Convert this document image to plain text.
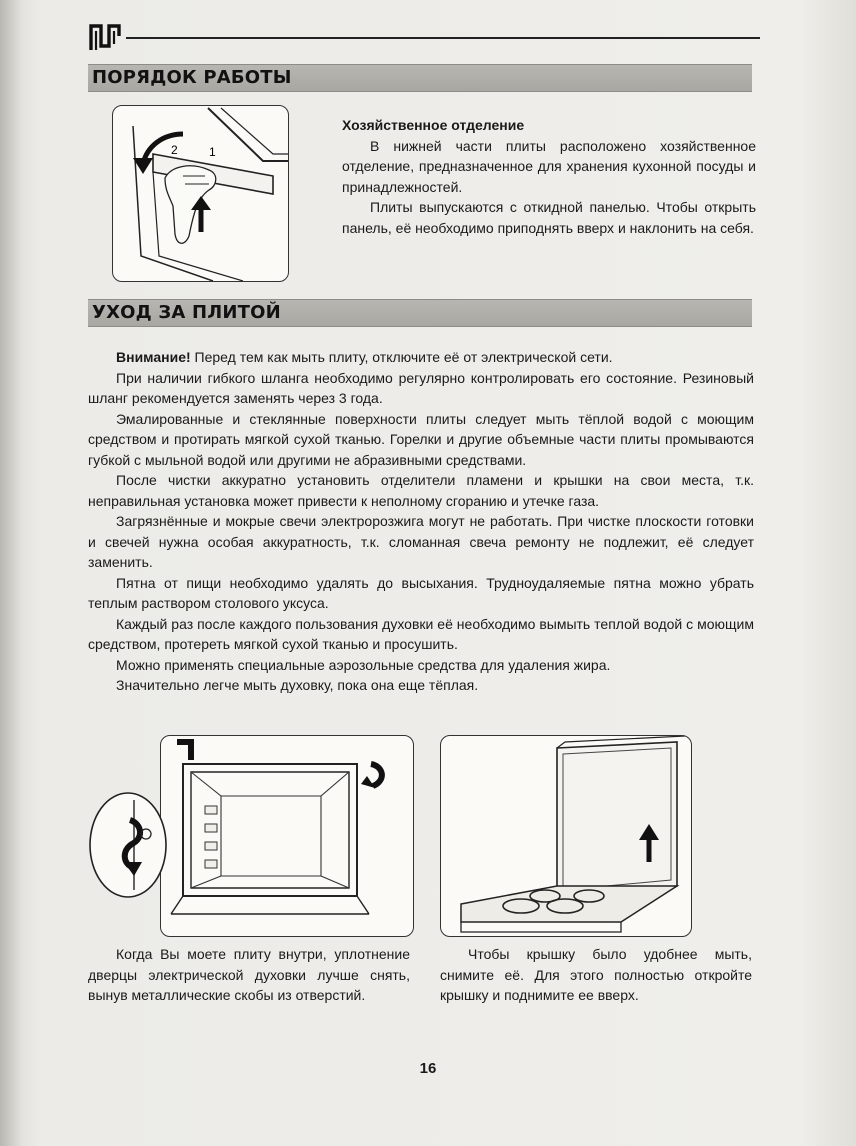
ПОРЯДОК РАБОТЫ
1
2

Хозяйственное отделение

В нижней части плиты расположено хозяйственное отделение, предназначенное для хранения кухонной посуды и принадлежностей.

Плиты выпускаются с откидной панелью. Чтобы открыть панель, её необходимо приподнять вверх и наклонить на себя.

УХОД ЗА ПЛИТОЙ

Внимание! Перед тем как мыть плиту, отключите её от электрической сети.

При наличии гибкого шланга необходимо регулярно контролировать его состояние. Резиновый шланг рекомендуется заменять через 3 года.

Эмалированные и стеклянные поверхности плиты следует мыть тёплой водой с моющим средством и протирать мягкой сухой тканью. Горелки и другие объемные части плиты промываются губкой с мыльной водой или другими не абразивными средствами.

После чистки аккуратно установить отделители пламени и крышки на свои места, т.к. неправильная установка может привести к неполному сгоранию и утечке газа.

Загрязнённые и мокрые свечи электророзжига могут не работать. При чистке плоскости готовки и свечей нужна особая аккуратность, т.к. сломанная свеча ремонту не подлежит, её следует заменить.

Пятна от пищи необходимо удалять до высыхания. Трудноудаляемые пятна можно убрать теплым раствором столового уксуса.

Каждый раз после каждого пользования духовки её необходимо вымыть теплой водой с моющим средством, протереть мягкой сухой тканью и просушить.

Можно применять специальные аэрозольные средства для удаления жира.

Значительно легче мыть духовку, пока она еще тёплая.

Когда Вы моете плиту внутри, уплотнение дверцы электрической духовки лучше снять, вынув металлические скобы из отверстий.

Чтобы крышку было удобнее мыть, снимите её. Для этого полностью откройте крышку и поднимите ее вверх.

16
